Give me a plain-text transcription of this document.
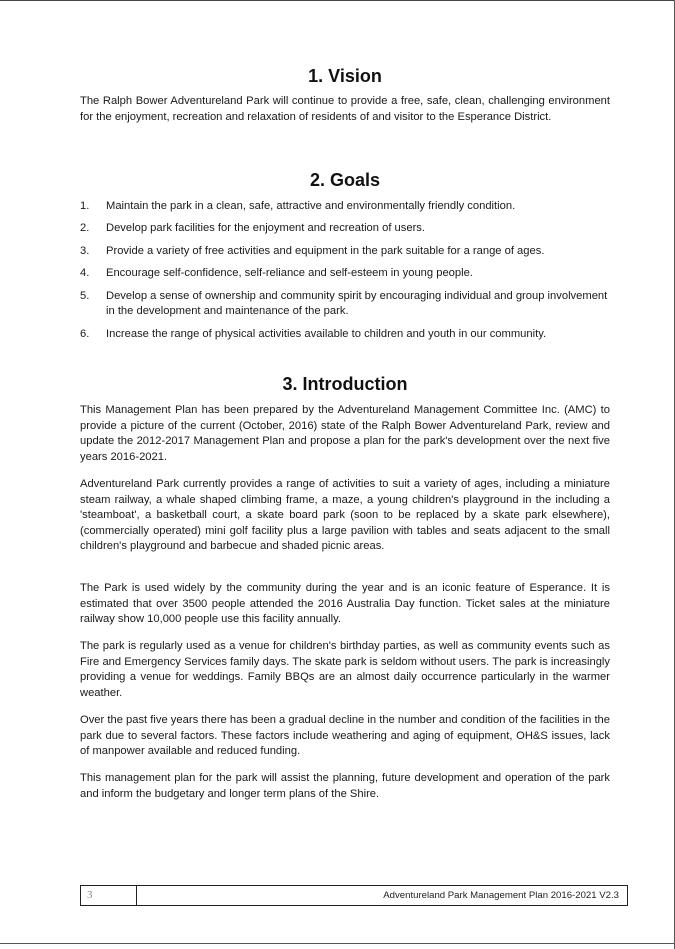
1. Vision

The Ralph Bower Adventureland Park will continue to provide a free, safe, clean, challenging environment for the enjoyment, recreation and relaxation of residents of and visitor to the Esperance District.

2. Goals
1. Maintain the park in a clean, safe, attractive and environmentally friendly condition.
2. Develop park facilities for the enjoyment and recreation of users.
3. Provide a variety of free activities and equipment in the park suitable for a range of ages.
4. Encourage self-confidence, self-reliance and self-esteem in young people.
5. Develop a sense of ownership and community spirit by encouraging individual and group involvement in the development and maintenance of the park.
6. Increase the range of physical activities available to children and youth in our community.
3. Introduction

This Management Plan has been prepared by the Adventureland Management Committee Inc. (AMC) to provide a picture of the current (October, 2016) state of the Ralph Bower Adventureland Park, review and update the 2012-2017 Management Plan and propose a plan for the park's development over the next five years 2016-2021.

Adventureland Park currently provides a range of activities to suit a variety of ages, including a miniature steam railway, a whale shaped climbing frame, a maze, a young children's playground in the including a 'steamboat', a basketball court, a skate board park (soon to be replaced by a skate park elsewhere), (commercially operated) mini golf facility plus a large pavilion with tables and seats adjacent to the small children's playground and barbecue and shaded picnic areas.

The Park is used widely by the community during the year and is an iconic feature of Esperance. It is estimated that over 3500 people attended the 2016 Australia Day function. Ticket sales at the miniature railway show 10,000 people use this facility annually.

The park is regularly used as a venue for children's birthday parties, as well as community events such as Fire and Emergency Services family days. The skate park is seldom without users. The park is increasingly providing a venue for weddings. Family BBQs are an almost daily occurrence particularly in the warmer weather.

Over the past five years there has been a gradual decline in the number and condition of the facilities in the park due to several factors. These factors include weathering and aging of equipment, OH&S issues, lack of manpower available and reduced funding.

This management plan for the park will assist the planning, future development and operation of the park and inform the budgetary and longer term plans of the Shire.

3	Adventureland Park Management Plan 2016-2021 V2.3
